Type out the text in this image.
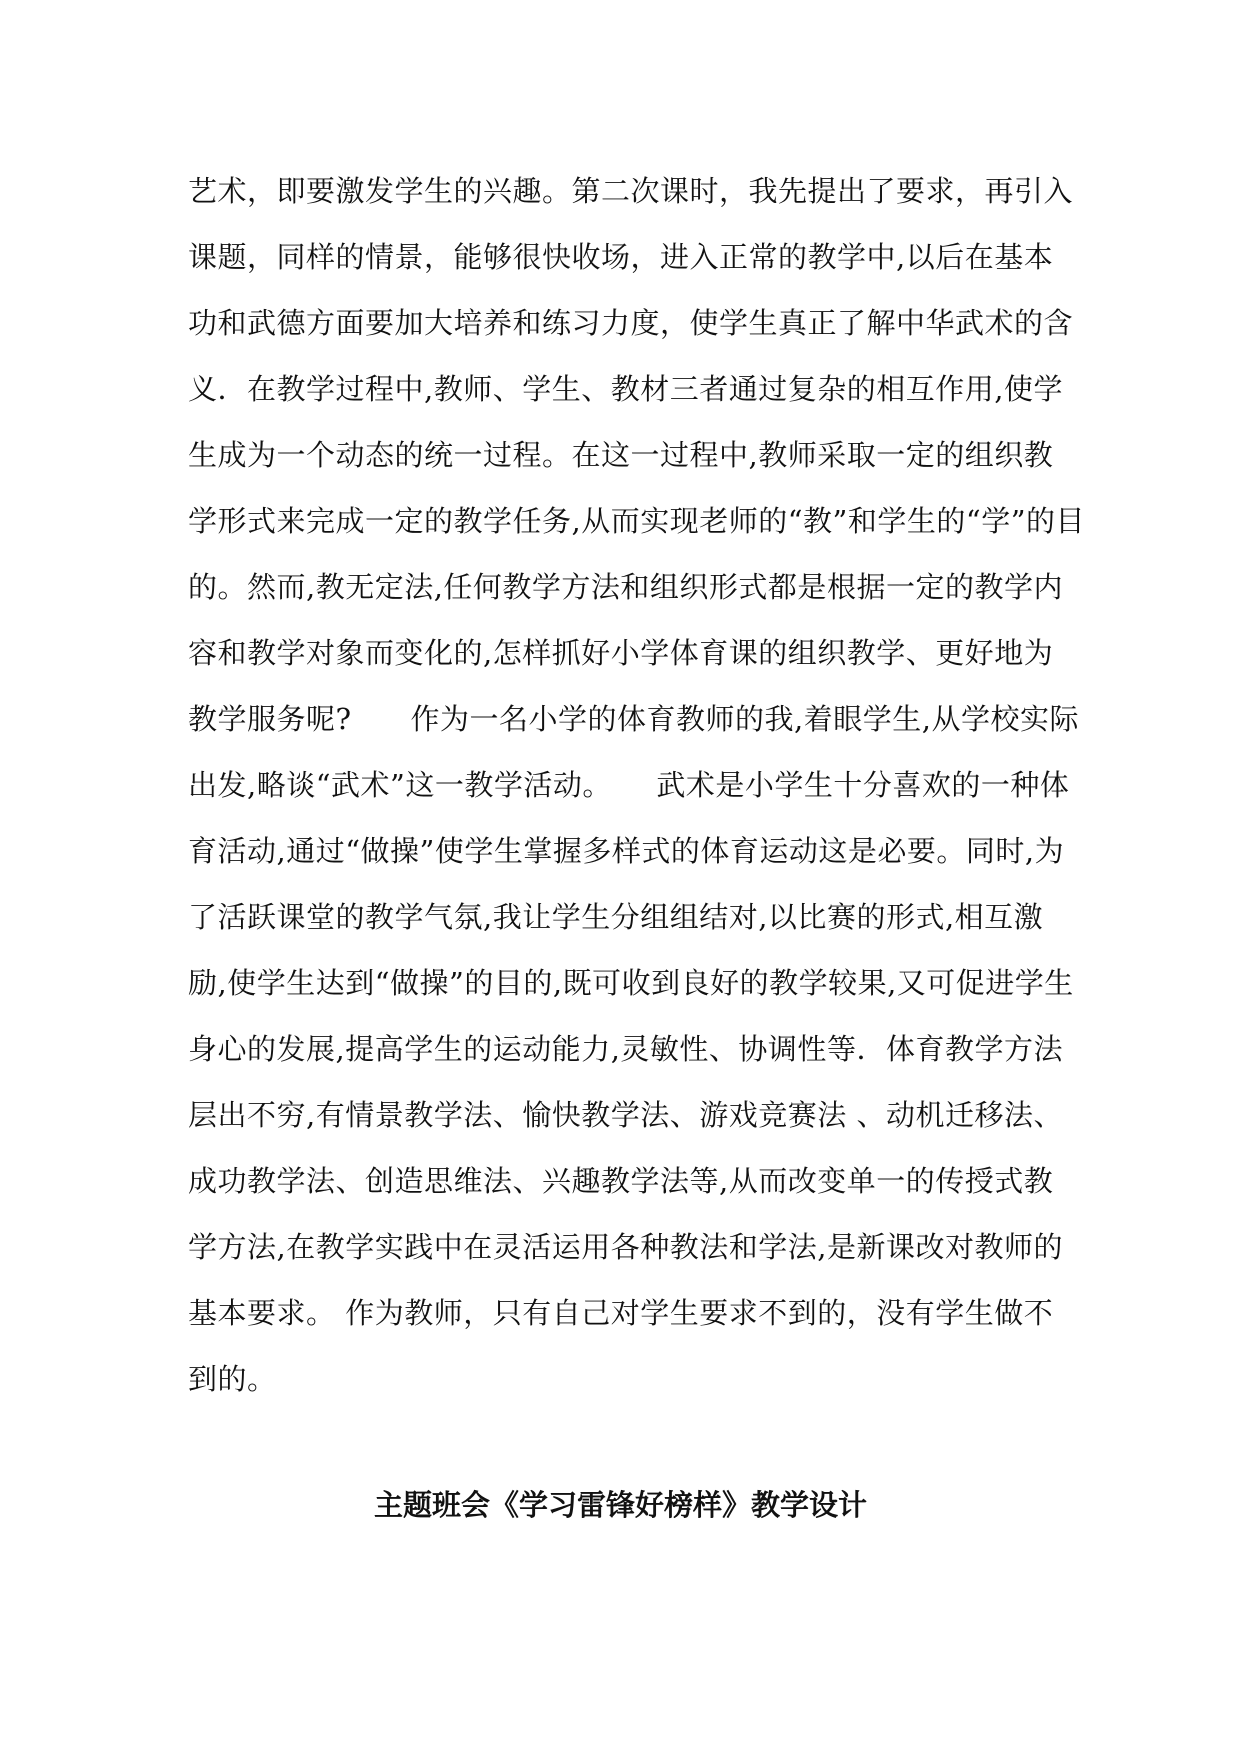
艺术，即要激发学生的兴趣。第二次课时，我先提出了要求，再引入
课题，同样的情景，能够很快收场，进入正常的教学中,以后在基本
功和武德方面要加大培养和练习力度，使学生真正了解中华武术的含
义．在教学过程中,教师、学生、教材三者通过复杂的相互作用,使学
生成为一个动态的统一过程。在这一过程中,教师采取一定的组织教
学形式来完成一定的教学任务,从而实现老师的“教”和学生的“学”的目
的。然而,教无定法,任何教学方法和组织形式都是根据一定的教学内
容和教学对象而变化的,怎样抓好小学体育课的组织教学、更好地为
教学服务呢?　　作为一名小学的体育教师的我,着眼学生,从学校实际
出发,略谈“武术”这一教学活动。　　武术是小学生十分喜欢的一种体
育活动,通过“做操”使学生掌握多样式的体育运动这是必要。同时,为
了活跃课堂的教学气氛,我让学生分组组结对,以比赛的形式,相互激
励,使学生达到“做操”的目的,既可收到良好的教学较果,又可促进学生
身心的发展,提高学生的运动能力,灵敏性、协调性等．体育教学方法
层出不穷,有情景教学法、愉快教学法、游戏竞赛法 、动机迁移法、
成功教学法、创造思维法、兴趣教学法等,从而改变单一的传授式教
学方法,在教学实践中在灵活运用各种教法和学法,是新课改对教师的
基本要求。 作为教师，只有自己对学生要求不到的，没有学生做不
到的。
主题班会《学习雷锋好榜样》教学设计
